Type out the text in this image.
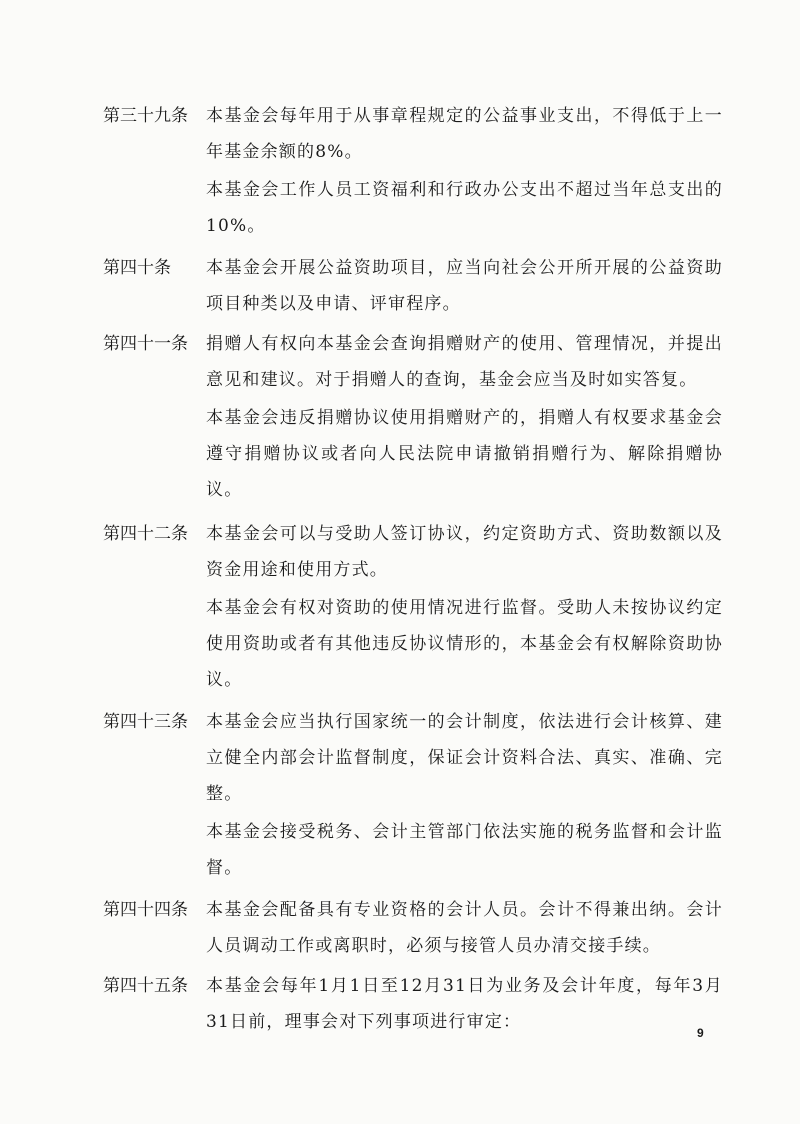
第三十九条	本基金会每年用于从事章程规定的公益事业支出，不得低于上一年基金余额的8%。

本基金会工作人员工资福利和行政办公支出不超过当年总支出的10%。

第四十条	本基金会开展公益资助项目，应当向社会公开所开展的公益资助项目种类以及申请、评审程序。

第四十一条	捐赠人有权向本基金会查询捐赠财产的使用、管理情况，并提出意见和建议。对于捐赠人的查询，基金会应当及时如实答复。

本基金会违反捐赠协议使用捐赠财产的，捐赠人有权要求基金会遵守捐赠协议或者向人民法院申请撤销捐赠行为、解除捐赠协议。

第四十二条	本基金会可以与受助人签订协议，约定资助方式、资助数额以及资金用途和使用方式。

本基金会有权对资助的使用情况进行监督。受助人未按协议约定使用资助或者有其他违反协议情形的，本基金会有权解除资助协议。

第四十三条	本基金会应当执行国家统一的会计制度，依法进行会计核算、建立健全内部会计监督制度，保证会计资料合法、真实、准确、完整。

本基金会接受税务、会计主管部门依法实施的税务监督和会计监督。

第四十四条	本基金会配备具有专业资格的会计人员。会计不得兼出纳。会计人员调动工作或离职时，必须与接管人员办清交接手续。

第四十五条	本基金会每年1月1日至12月31日为业务及会计年度，每年3月31日前，理事会对下列事项进行审定：

9
